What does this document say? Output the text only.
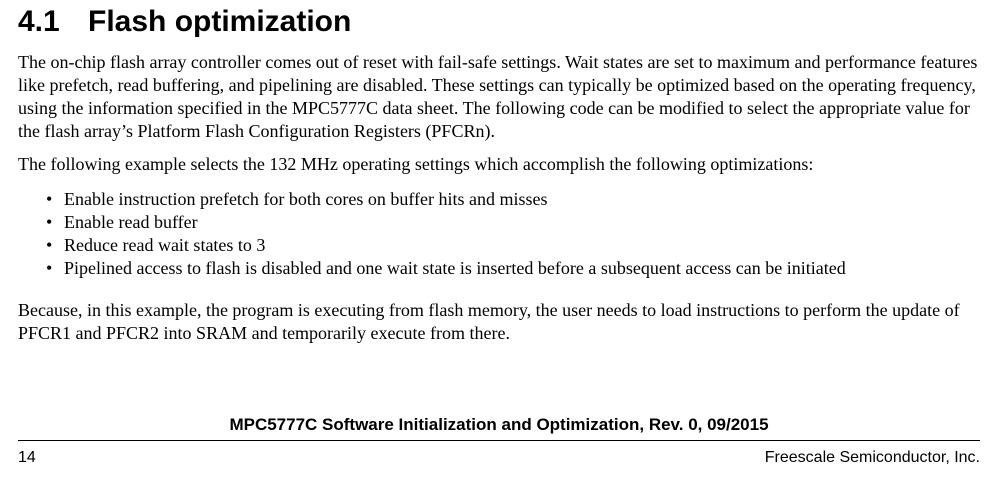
4.1 Flash optimization

The on-chip flash array controller comes out of reset with fail-safe settings. Wait states are set to maximum and performance features like prefetch, read buffering, and pipelining are disabled. These settings can typically be optimized based on the operating frequency, using the information specified in the MPC5777C data sheet. The following code can be modified to select the appropriate value for the flash array’s Platform Flash Configuration Registers (PFCRn).

The following example selects the 132 MHz operating settings which accomplish the following optimizations:

• Enable instruction prefetch for both cores on buffer hits and misses
• Enable read buffer
• Reduce read wait states to 3
• Pipelined access to flash is disabled and one wait state is inserted before a subsequent access can be initiated

Because, in this example, the program is executing from flash memory, the user needs to load instructions to perform the update of PFCR1 and PFCR2 into SRAM and temporarily execute from there.

MPC5777C Software Initialization and Optimization, Rev. 0, 09/2015
14	Freescale Semiconductor, Inc.
